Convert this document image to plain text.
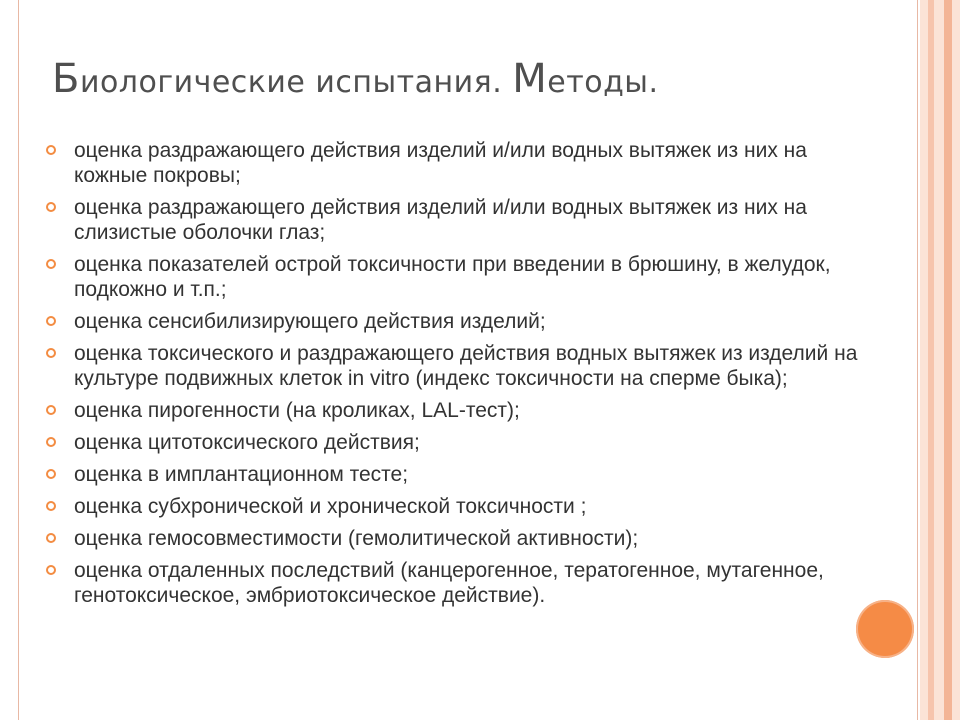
Биологические испытания. Методы.
оценка раздражающего действия изделий и/или водных вытяжек из них на кожные покровы;
оценка раздражающего действия изделий и/или водных вытяжек из них на слизистые оболочки глаз;
оценка показателей острой токсичности при введении в брюшину, в желудок, подкожно и т.п.;
оценка сенсибилизирующего действия изделий;
оценка токсического и раздражающего действия водных вытяжек из изделий на культуре подвижных клеток in vitro (индекс токсичности на сперме быка);
оценка пирогенности (на кроликах, LAL-тест);
оценка цитотоксического действия;
оценка в имплантационном тесте;
оценка субхронической и хронической токсичности ;
оценка гемосовместимости (гемолитической активности);
оценка отдаленных последствий (канцерогенное, тератогенное, мутагенное, генотоксическое, эмбриотоксическое действие).
